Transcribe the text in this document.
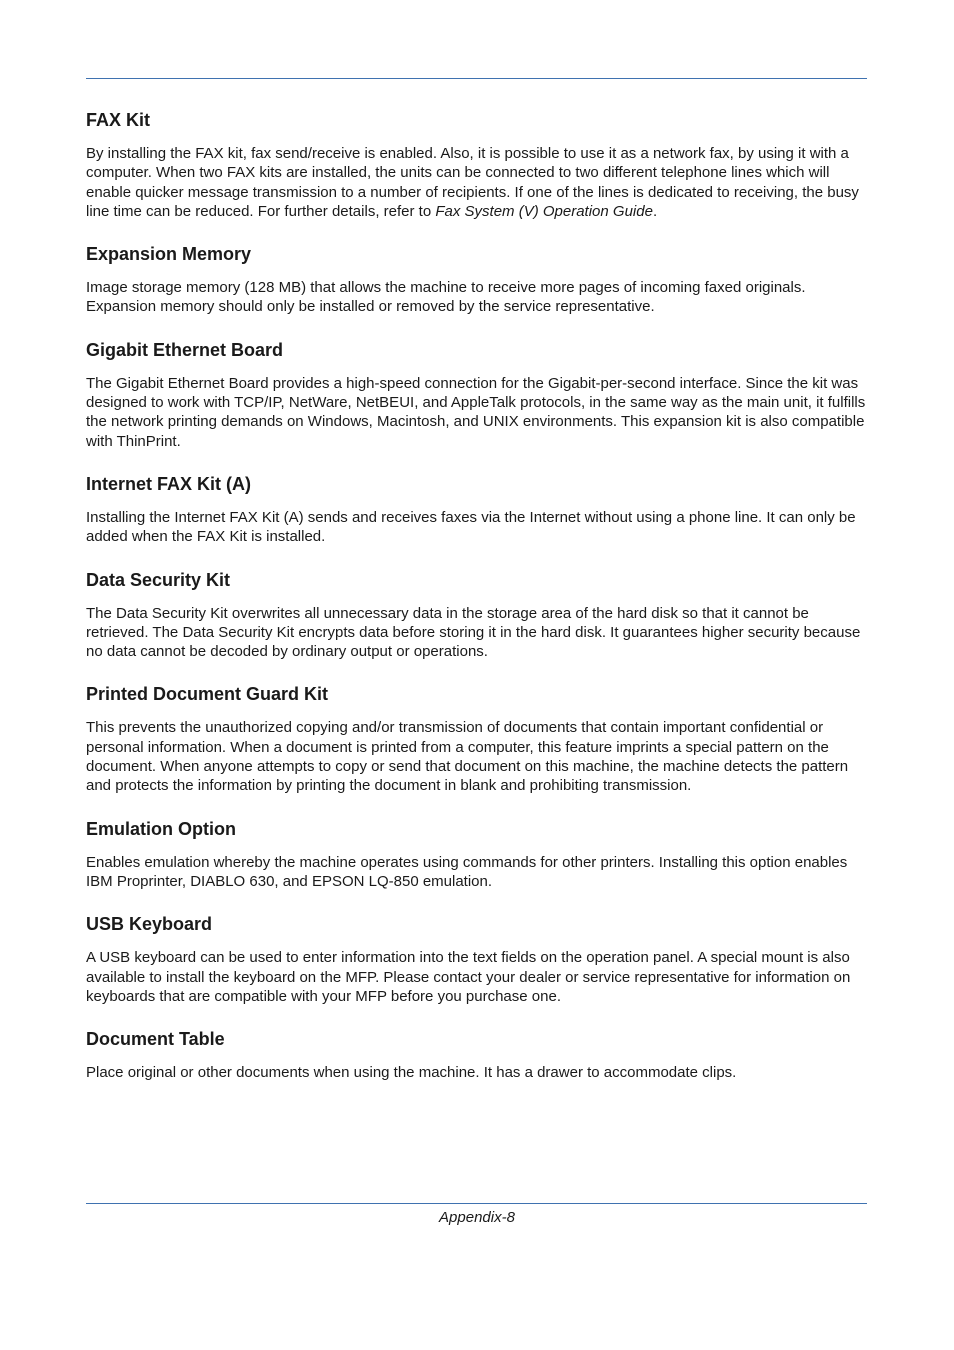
FAX Kit

By installing the FAX kit, fax send/receive is enabled. Also, it is possible to use it as a network fax, by using it with a computer. When two FAX kits are installed, the units can be connected to two different telephone lines which will enable quicker message transmission to a number of recipients. If one of the lines is dedicated to receiving, the busy line time can be reduced. For further details, refer to Fax System (V) Operation Guide.

Expansion Memory

Image storage memory (128 MB) that allows the machine to receive more pages of incoming faxed originals. Expansion memory should only be installed or removed by the service representative.

Gigabit Ethernet Board

The Gigabit Ethernet Board provides a high-speed connection for the Gigabit-per-second interface. Since the kit was designed to work with TCP/IP, NetWare, NetBEUI, and AppleTalk protocols, in the same way as the main unit, it fulfills the network printing demands on Windows, Macintosh, and UNIX environments. This expansion kit is also compatible with ThinPrint.

Internet FAX Kit (A)

Installing the Internet FAX Kit (A) sends and receives faxes via the Internet without using a phone line. It can only be added when the FAX Kit is installed.

Data Security Kit

The Data Security Kit overwrites all unnecessary data in the storage area of the hard disk so that it cannot be retrieved. The Data Security Kit encrypts data before storing it in the hard disk. It guarantees higher security because no data cannot be decoded by ordinary output or operations.

Printed Document Guard Kit

This prevents the unauthorized copying and/or transmission of documents that contain important confidential or personal information. When a document is printed from a computer, this feature imprints a special pattern on the document. When anyone attempts to copy or send that document on this machine, the machine detects the pattern and protects the information by printing the document in blank and prohibiting transmission.

Emulation Option

Enables emulation whereby the machine operates using commands for other printers. Installing this option enables IBM Proprinter, DIABLO 630, and EPSON LQ-850 emulation.

USB Keyboard

A USB keyboard can be used to enter information into the text fields on the operation panel. A special mount is also available to install the keyboard on the MFP. Please contact your dealer or service representative for information on keyboards that are compatible with your MFP before you purchase one.

Document Table

Place original or other documents when using the machine. It has a drawer to accommodate clips.

Appendix-8
